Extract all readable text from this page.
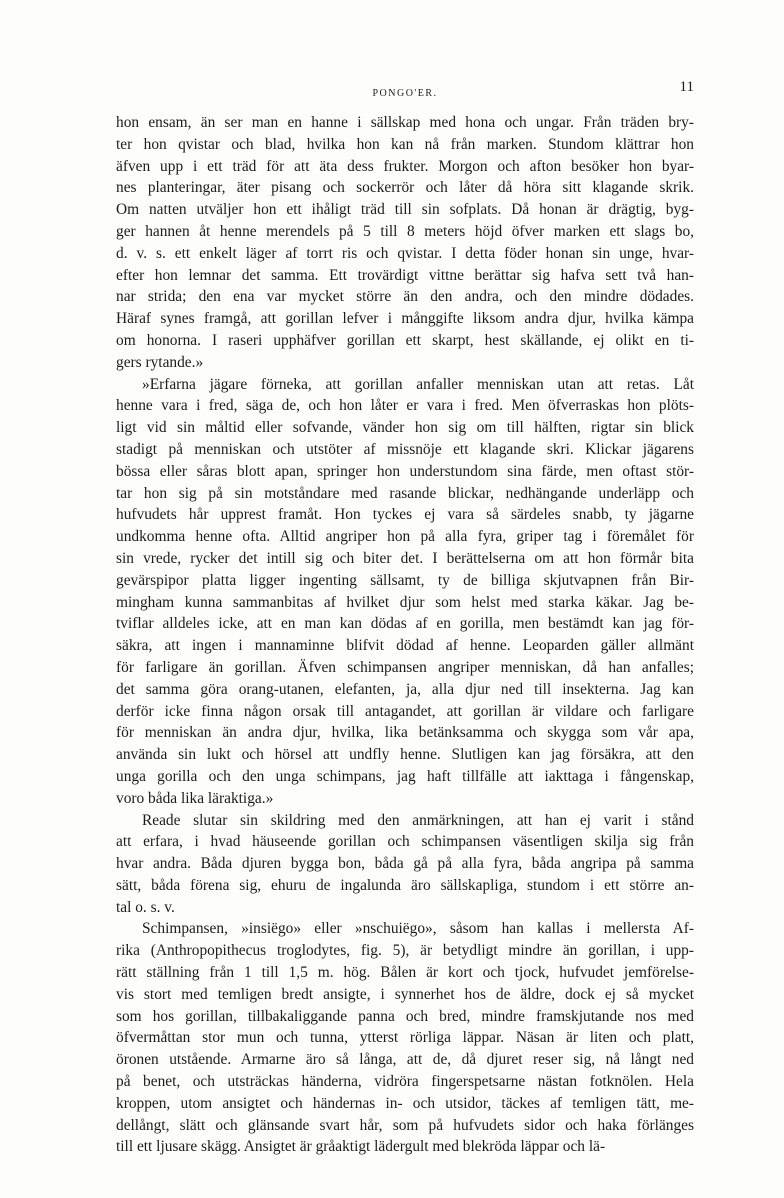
PONGO'ER.	11

hon ensam, än ser man en hanne i sällskap med hona och ungar. Från träden bry-
ter hon qvistar och blad, hvilka hon kan nå från marken. Stundom klättrar hon
äfven upp i ett träd för att äta dess frukter. Morgon och afton besöker hon byar-
nes planteringar, äter pisang och sockerrör och låter då höra sitt klagande skrik.
Om natten utväljer hon ett ihåligt träd till sin sofplats. Då honan är drägtig, byg-
ger hannen åt henne merendels på 5 till 8 meters höjd öfver marken ett slags bo,
d. v. s. ett enkelt läger af torrt ris och qvistar. I detta föder honan sin unge, hvar-
efter hon lemnar det samma. Ett trovärdigt vittne berättar sig hafva sett två han-
nar strida; den ena var mycket större än den andra, och den mindre dödades.
Häraf synes framgå, att gorillan lefver i månggifte liksom andra djur, hvilka kämpa
om honorna. I raseri upphäfver gorillan ett skarpt, hest skällande, ej olikt en ti-
gers rytande.»

»Erfarna jägare förneka, att gorillan anfaller menniskan utan att retas. Låt
henne vara i fred, säga de, och hon låter er vara i fred. Men öfverraskas hon plöts-
ligt vid sin måltid eller sofvande, vänder hon sig om till hälften, rigtar sin blick
stadigt på menniskan och utstöter af missnöje ett klagande skri. Klickar jägarens
bössa eller såras blott apan, springer hon understundom sina färde, men oftast stör-
tar hon sig på sin motståndare med rasande blickar, nedhängande underläpp och
hufvudets hår upprest framåt. Hon tyckes ej vara så särdeles snabb, ty jägarne
undkomma henne ofta. Alltid angriper hon på alla fyra, griper tag i föremålet för
sin vrede, rycker det intill sig och biter det. I berättelserna om att hon förmår bita
gevärspipor platta ligger ingenting sällsamt, ty de billiga skjutvapnen från Bir-
mingham kunna sammanbitas af hvilket djur som helst med starka käkar. Jag be-
tviflar alldeles icke, att en man kan dödas af en gorilla, men bestämdt kan jag för-
säkra, att ingen i mannaminne blifvit dödad af henne. Leoparden gäller allmänt
för farligare än gorillan. Äfven schimpansen angriper menniskan, då han anfalles;
det samma göra orang-utanen, elefanten, ja, alla djur ned till insekterna. Jag kan
derför icke finna någon orsak till antagandet, att gorillan är vildare och farligare
för menniskan än andra djur, hvilka, lika betänksamma och skygga som vår apa,
använda sin lukt och hörsel att undfly henne. Slutligen kan jag försäkra, att den
unga gorilla och den unga schimpans, jag haft tillfälle att iakttaga i fångenskap,
voro båda lika läraktiga.»

Reade slutar sin skildring med den anmärkningen, att han ej varit i stånd
att erfara, i hvad häuseende gorillan och schimpansen väsentligen skilja sig från
hvar andra. Båda djuren bygga bon, båda gå på alla fyra, båda angripa på samma
sätt, båda förena sig, ehuru de ingalunda äro sällskapliga, stundom i ett större an-
tal o. s. v.

Schimpansen, »insiëgo» eller »nschuiëgo», såsom han kallas i mellersta Af-
rika (Anthropopithecus troglodytes, fig. 5), är betydligt mindre än gorillan, i upp-
rätt ställning från 1 till 1,5 m. hög. Bålen är kort och tjock, hufvudet jemförelse-
vis stort med temligen bredt ansigte, i synnerhet hos de äldre, dock ej så mycket
som hos gorillan, tillbakaliggande panna och bred, mindre framskjutande nos med
öfvermåttan stor mun och tunna, ytterst rörliga läppar. Näsan är liten och platt,
öronen utstående. Armarne äro så långa, att de, då djuret reser sig, nå långt ned
på benet, och utsträckas händerna, vidröra fingerspetsarne nästan fotknölen. Hela
kroppen, utom ansigtet och händernas in- och utsidor, täckes af temligen tätt, me-
dellångt, slätt och glänsande svart hår, som på hufvudets sidor och haka förlänges
till ett ljusare skägg. Ansigtet är gråaktigt lädergult med blekröda läppar och lä-
